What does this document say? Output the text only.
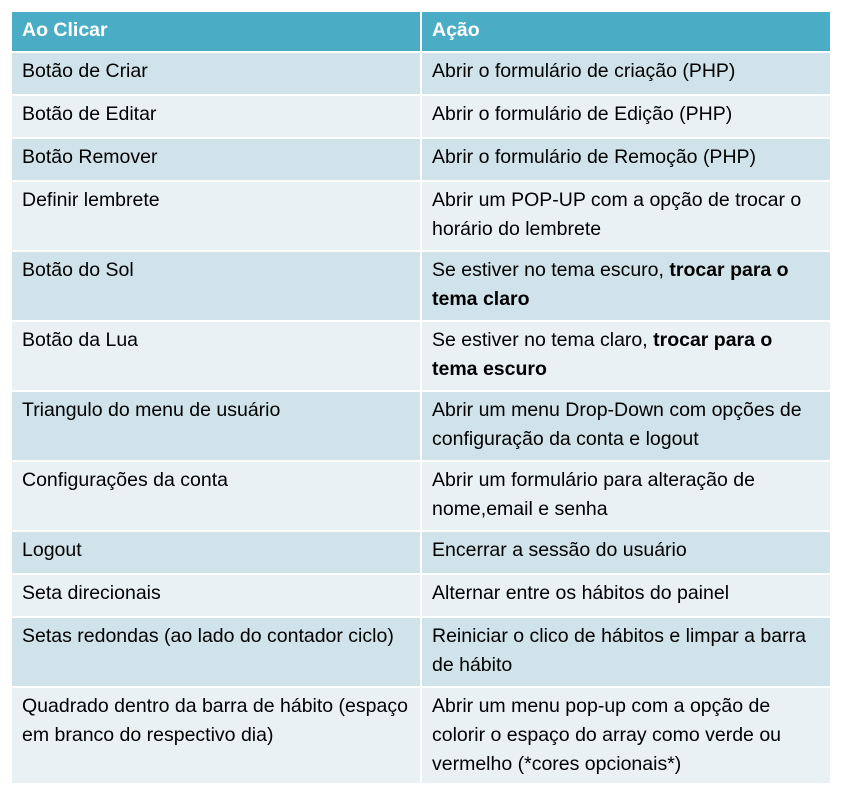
Ao Clicar	Ação
Botão de Criar	Abrir o formulário de criação (PHP)
Botão de Editar	Abrir o formulário de Edição (PHP)
Botão Remover	Abrir o formulário de Remoção (PHP)
Definir lembrete	Abrir um POP-UP com a opção de trocar o horário do lembrete
Botão do Sol	Se estiver no tema escuro, trocar para o tema claro
Botão da Lua	Se estiver no tema claro, trocar para o tema escuro
Triangulo do menu de usuário	Abrir um menu Drop-Down com opções de configuração da conta e logout
Configurações da conta	Abrir um formulário para alteração de nome,email e senha
Logout	Encerrar a sessão do usuário
Seta direcionais	Alternar entre os hábitos do painel
Setas redondas (ao lado do contador ciclo)	Reiniciar o clico de hábitos e limpar a barra de hábito
Quadrado dentro da barra de hábito (espaço em branco do respectivo dia)	Abrir um menu pop-up com a opção de colorir o espaço do array como verde ou vermelho (*cores opcionais*)
